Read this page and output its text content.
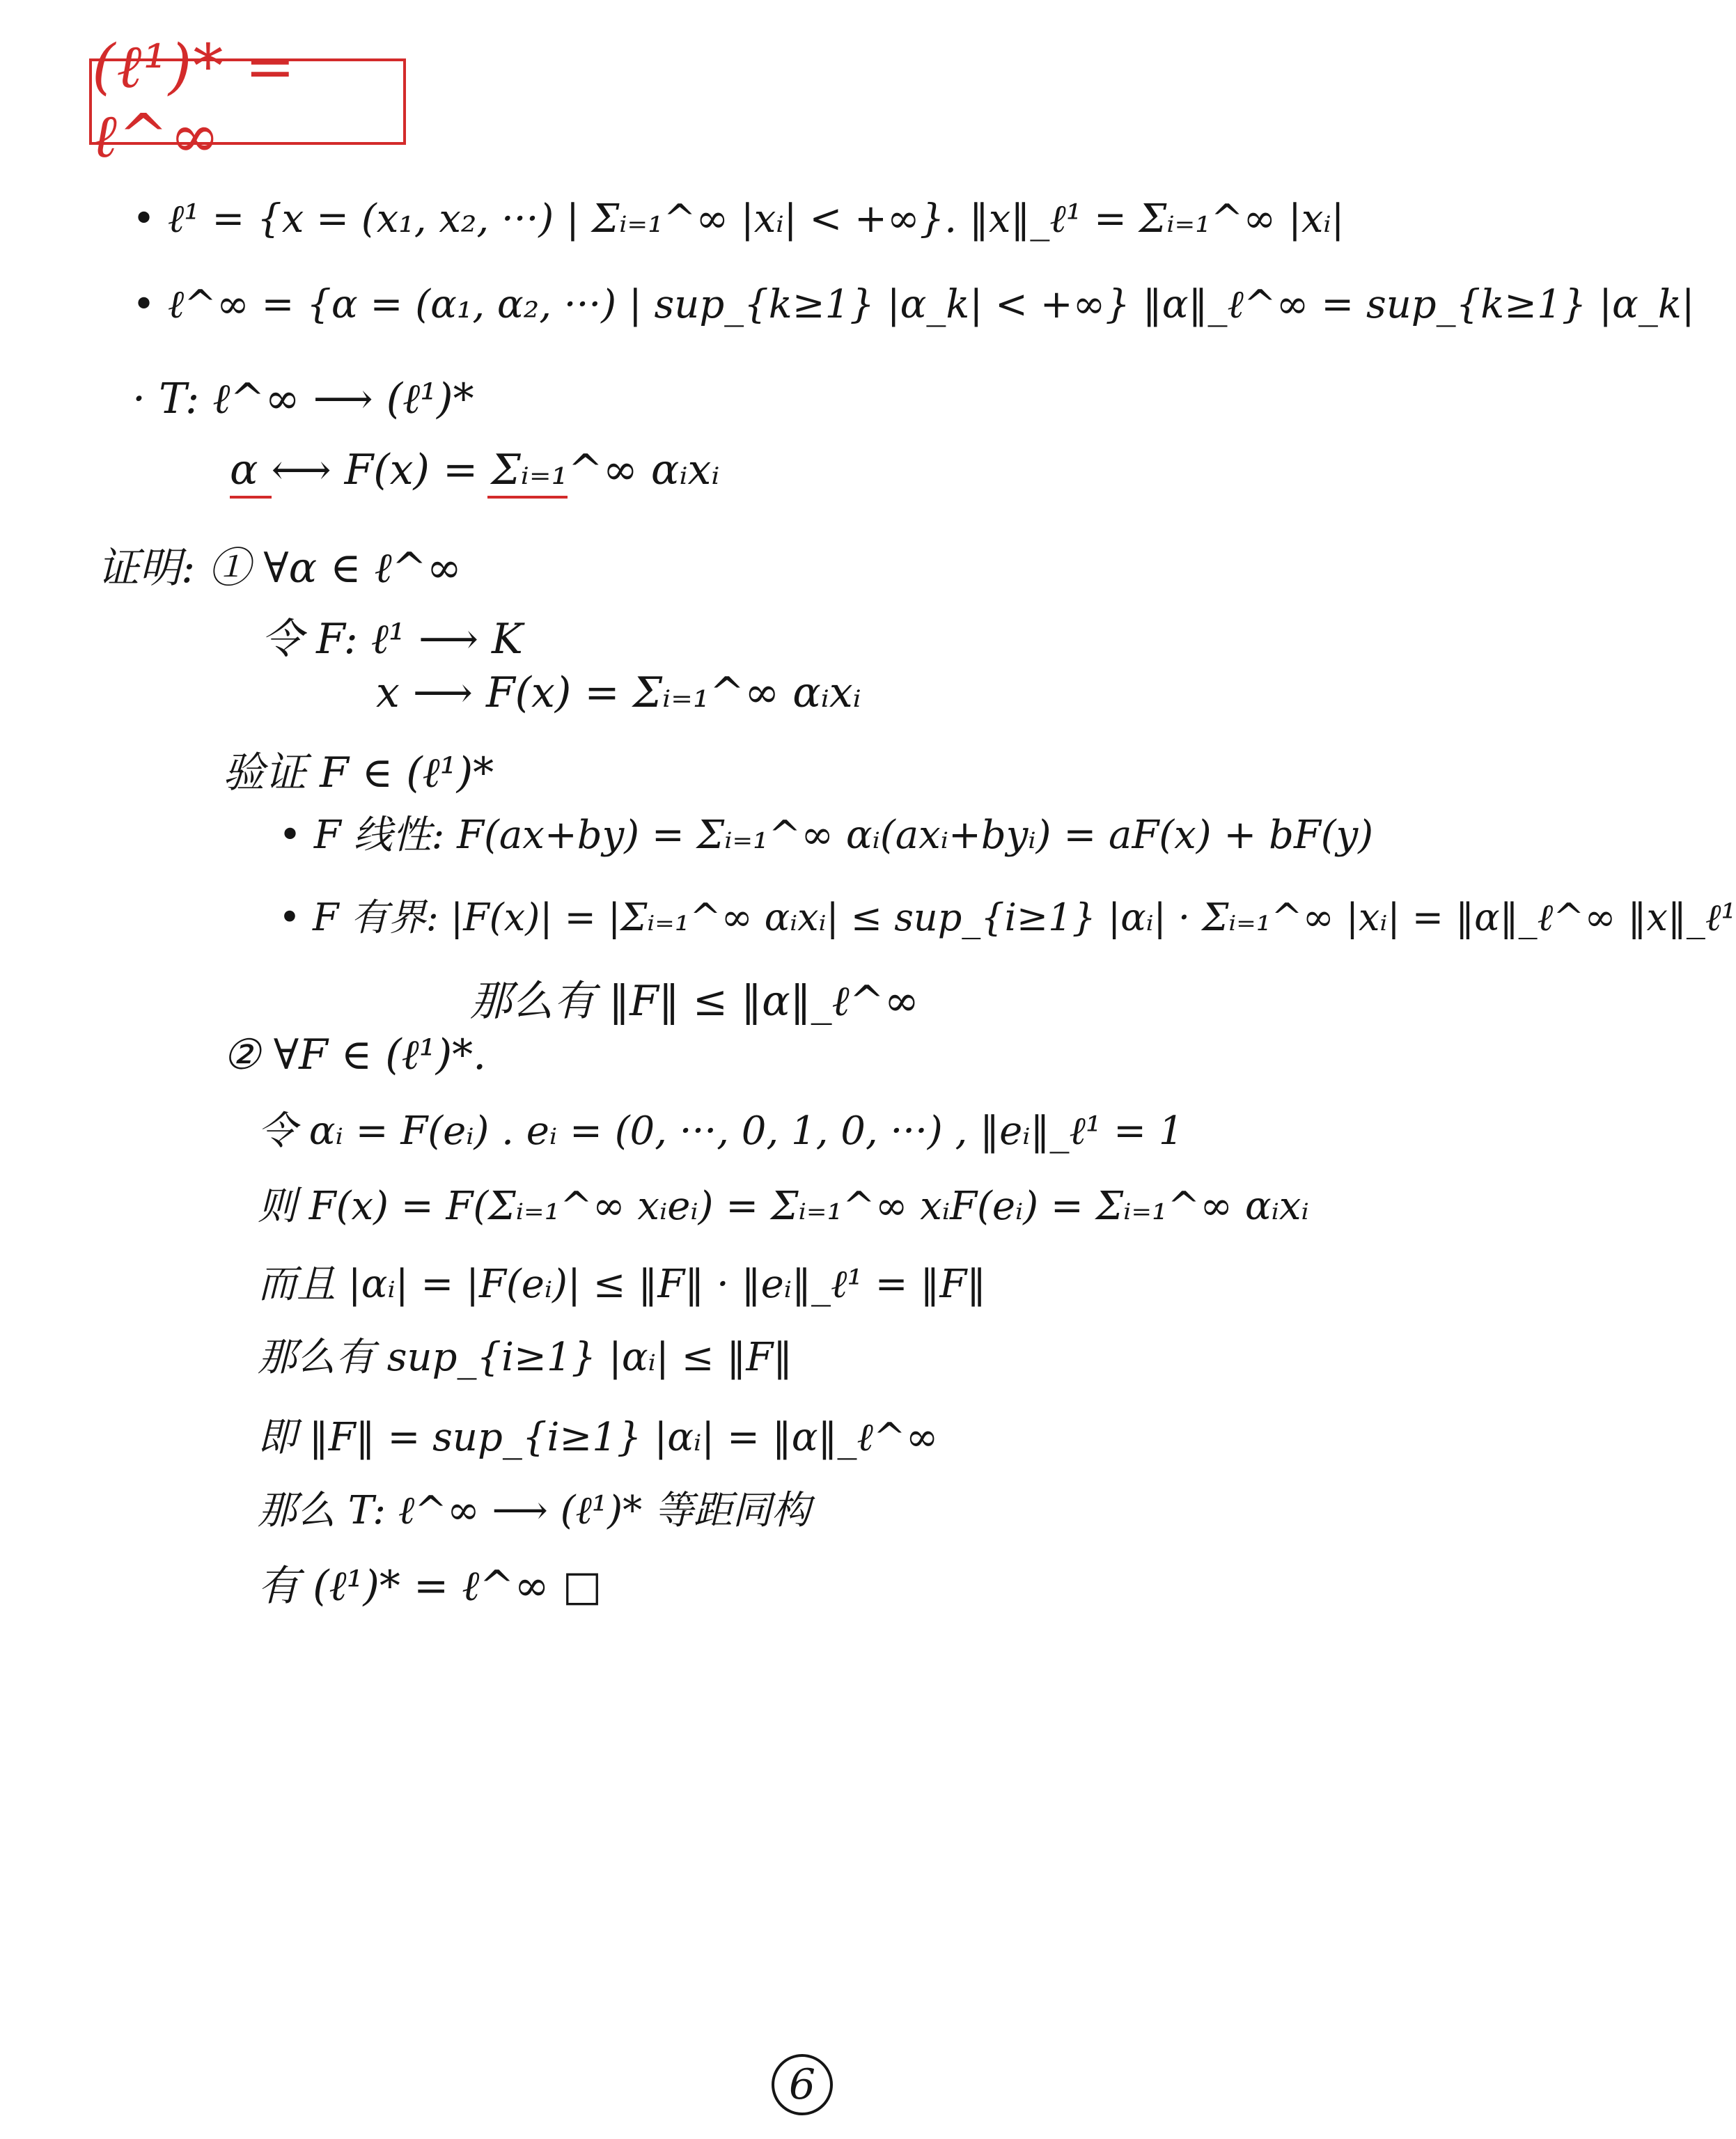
(ℓ¹)* = ℓ^∞
• ℓ¹ = {x = (x₁, x₂, ···) | Σᵢ₌₁^∞ |xᵢ| < +∞}. ‖x‖_ℓ¹ = Σᵢ₌₁^∞ |xᵢ|
• ℓ^∞ = {α = (α₁, α₂, ···) | sup_{k≥1} |α_k| < +∞} ‖α‖_ℓ^∞ = sup_{k≥1} |α_k|
· T: ℓ^∞ ⟶ (ℓ¹)*
α ⟷ F(x) = Σᵢ₌₁^∞ αᵢxᵢ
证明: ① ∀α ∈ ℓ^∞
令 F: ℓ¹ ⟶ K
x ⟶ F(x) = Σᵢ₌₁^∞ αᵢxᵢ
验证 F ∈ (ℓ¹)*
• F 线性: F(ax+by) = Σᵢ₌₁^∞ αᵢ(axᵢ+byᵢ) = aF(x) + bF(y)
• F 有界: |F(x)| = |Σᵢ₌₁^∞ αᵢxᵢ| ≤ sup_{i≥1} |αᵢ| · Σᵢ₌₁^∞ |xᵢ| = ‖α‖_ℓ^∞ ‖x‖_ℓ¹
那么有 ‖F‖ ≤ ‖α‖_ℓ^∞
② ∀F ∈ (ℓ¹)*.
令 αᵢ = F(eᵢ) . eᵢ = (0, ···, 0, 1, 0, ···) , ‖eᵢ‖_ℓ¹ = 1
则 F(x) = F(Σᵢ₌₁^∞ xᵢeᵢ) = Σᵢ₌₁^∞ xᵢF(eᵢ) = Σᵢ₌₁^∞ αᵢxᵢ
而且 |αᵢ| = |F(eᵢ)| ≤ ‖F‖ · ‖eᵢ‖_ℓ¹ = ‖F‖
那么有 sup_{i≥1} |αᵢ| ≤ ‖F‖
即 ‖F‖ = sup_{i≥1} |αᵢ| = ‖α‖_ℓ^∞
那么 T: ℓ^∞ ⟶ (ℓ¹)* 等距同构
有 (ℓ¹)* = ℓ^∞ □
6
